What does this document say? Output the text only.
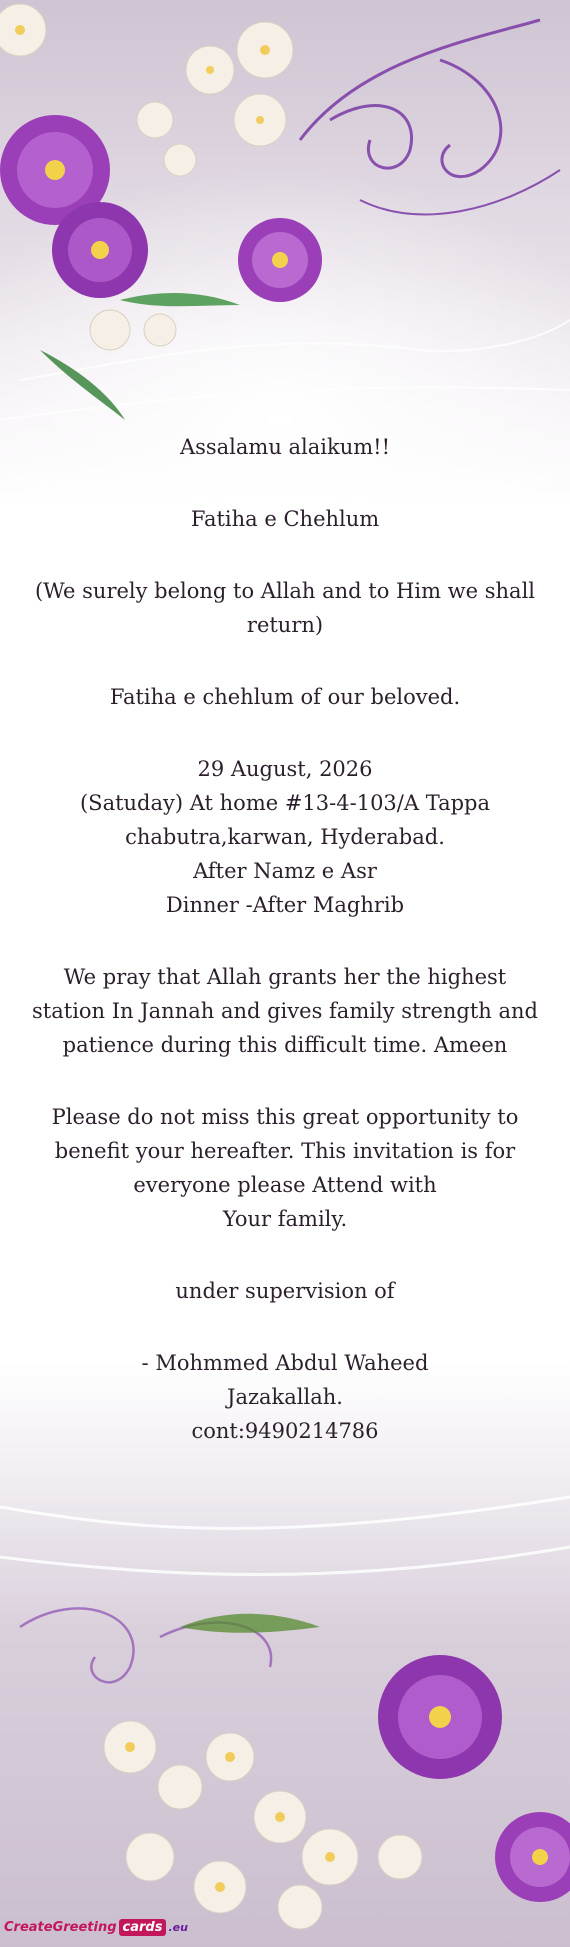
Assalamu alaikum!!

Fatiha e Chehlum

(We surely belong to Allah and to Him we shall return)

Fatiha e chehlum of our beloved.

29 August, 2026
(Satuday) At home #13-4-103/A Tappa chabutra,karwan, Hyderabad.
After Namz e Asr
Dinner -After Maghrib

We pray that Allah grants her the highest station In Jannah and gives family strength and patience during this difficult time. Ameen

Please do not miss this great opportunity to benefit your hereafter. This invitation is for everyone please Attend with
Your family.

under supervision of

- Mohmmed Abdul Waheed
Jazakallah.
cont:9490214786
CreateGreeting cards .eu
